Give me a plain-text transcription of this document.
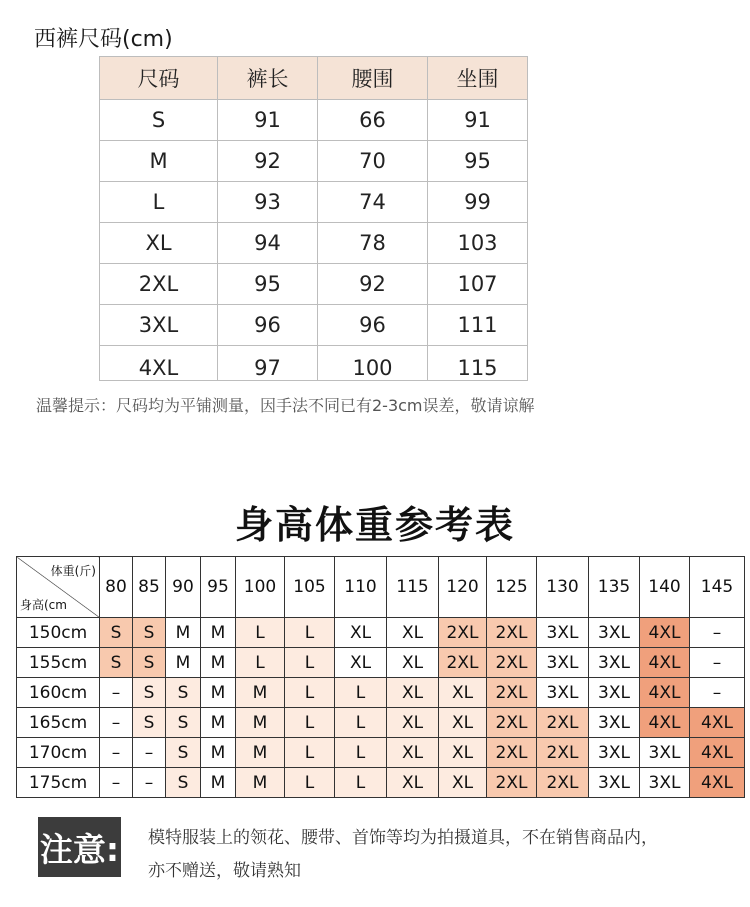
西裤尺码(cm)
尺码	裤长	腰围	坐围
S	91	66	91
M	92	70	95
L	93	74	99
XL	94	78	103
2XL	95	92	107
3XL	96	96	111
4XL	97	100	115
温馨提示：尺码均为平铺测量，因手法不同已有2-3cm误差，敬请谅解
身高体重参考表
体重(斤)
身高(cm	80	85	90	95	100	105	110	115	120	125	130	135	140	145
150cm	S	S	M	M	L	L	XL	XL	2XL	2XL	3XL	3XL	4XL	–
155cm	S	S	M	M	L	L	XL	XL	2XL	2XL	3XL	3XL	4XL	–
160cm	–	S	S	M	M	L	L	XL	XL	2XL	3XL	3XL	4XL	–
165cm	–	S	S	M	M	L	L	XL	XL	2XL	2XL	3XL	4XL	4XL
170cm	–	–	S	M	M	L	L	XL	XL	2XL	2XL	3XL	3XL	4XL
175cm	–	–	S	M	M	L	L	XL	XL	2XL	2XL	3XL	3XL	4XL
注意: 模特服装上的领花、腰带、首饰等均为拍摄道具，不在销售商品内，
亦不赠送，敬请熟知
